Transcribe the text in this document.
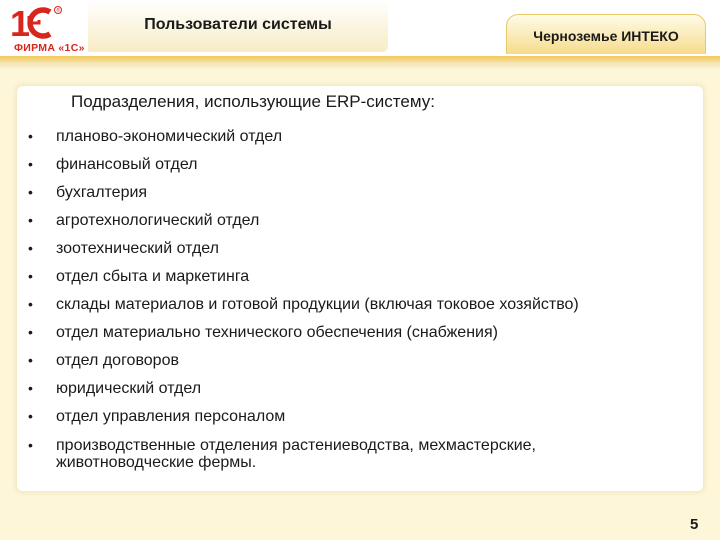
1	®
ФИРМА «1С»
Пользователи системы
Черноземье ИНТЕКО
Подразделения, использующие ERP-систему:
• планово-экономический отдел
• финансовый отдел
• бухгалтерия
• агротехнологический отдел
• зоотехнический отдел
• отдел сбыта и маркетинга
• склады материалов и готовой продукции (включая токовое хозяйство)
• отдел материально технического обеспечения (снабжения)
• отдел договоров
• юридический отдел
• отдел управления персоналом
• производственные отделения растениеводства, мехмастерские, животноводческие фермы.
5
